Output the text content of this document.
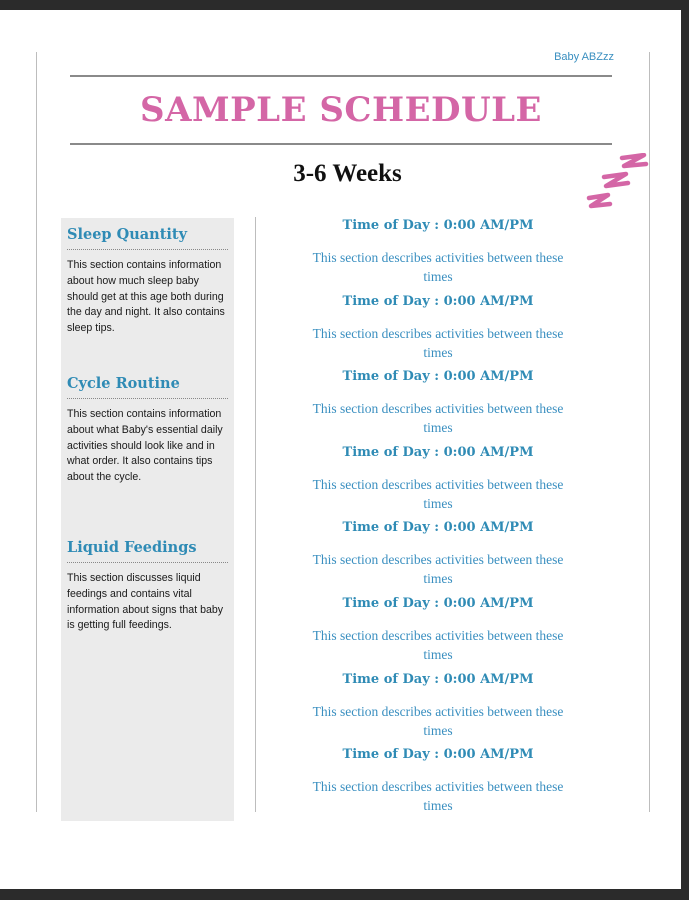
Baby ABZzz
SAMPLE SCHEDULE
3-6 Weeks
Sleep Quantity

This section contains information about how much sleep baby should get at this age both during the day and night. It also contains sleep tips.

Cycle Routine

This section contains information about what Baby's essential daily activities should look like and in what order. It also contains tips about the cycle.

Liquid Feedings

This section discusses liquid feedings and contains vital information about signs that baby is getting full feedings.

Time of Day : 0:00 AM/PM
This section describes activities between these times
Time of Day : 0:00 AM/PM
This section describes activities between these times
Time of Day : 0:00 AM/PM
This section describes activities between these times
Time of Day : 0:00 AM/PM
This section describes activities between these times
Time of Day : 0:00 AM/PM
This section describes activities between these times
Time of Day : 0:00 AM/PM
This section describes activities between these times
Time of Day : 0:00 AM/PM
This section describes activities between these times
Time of Day : 0:00 AM/PM
This section describes activities between these times
